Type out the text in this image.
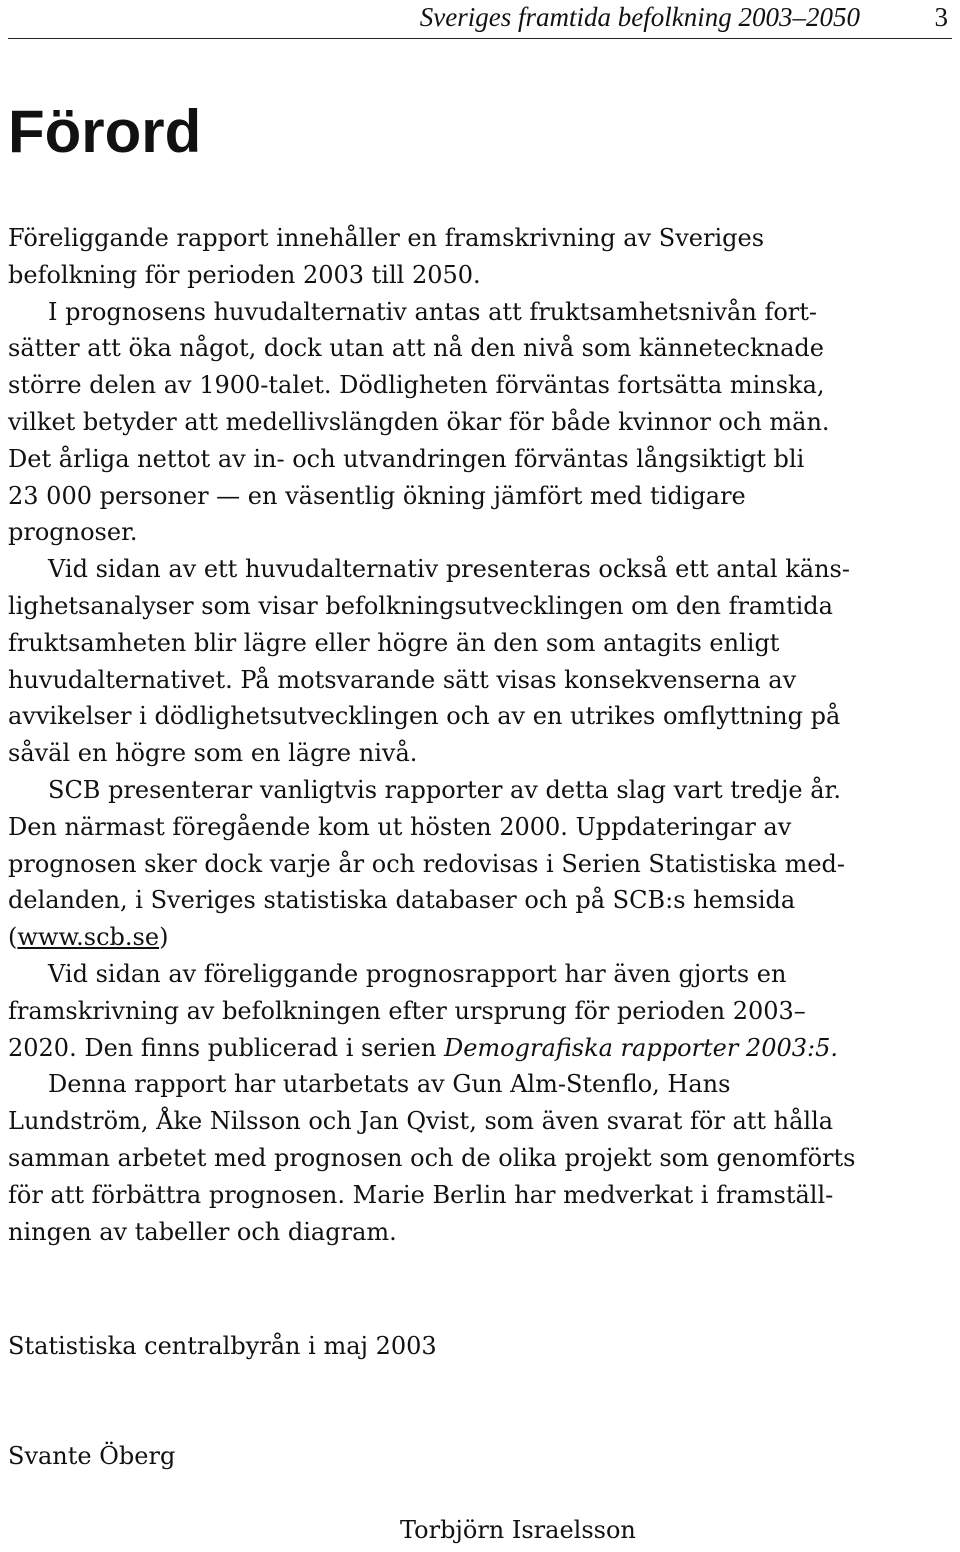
Sveriges framtida befolkning 2003–2050	3
Förord

Föreliggande rapport innehåller en framskrivning av Sveriges

befolkning för perioden 2003 till 2050.

I prognosens huvudalternativ antas att fruktsamhetsnivån fort-

sätter att öka något, dock utan att nå den nivå som kännetecknade

större delen av 1900-talet. Dödligheten förväntas fortsätta minska,

vilket betyder att medellivslängden ökar för både kvinnor och män.

Det årliga nettot av in- och utvandringen förväntas långsiktigt bli

23 000 personer — en väsentlig ökning jämfört med tidigare

prognoser.

Vid sidan av ett huvudalternativ presenteras också ett antal käns-

lighetsanalyser som visar befolkningsutvecklingen om den framtida

fruktsamheten blir lägre eller högre än den som antagits enligt

huvudalternativet. På motsvarande sätt visas konsekvenserna av

avvikelser i dödlighetsutvecklingen och av en utrikes omflyttning på

såväl en högre som en lägre nivå.

SCB presenterar vanligtvis rapporter av detta slag vart tredje år.

Den närmast föregående kom ut hösten 2000. Uppdateringar av

prognosen sker dock varje år och redovisas i Serien Statistiska med-

delanden, i Sveriges statistiska databaser och på SCB:s hemsida

(www.scb.se)

Vid sidan av föreliggande prognosrapport har även gjorts en

framskrivning av befolkningen efter ursprung för perioden 2003–

2020. Den finns publicerad i serien Demografiska rapporter 2003:5.

Denna rapport har utarbetats av Gun Alm-Stenflo, Hans

Lundström, Åke Nilsson och Jan Qvist, som även svarat för att hålla

samman arbetet med prognosen och de olika projekt som genomförts

för att förbättra prognosen. Marie Berlin har medverkat i framställ-

ningen av tabeller och diagram.

Statistiska centralbyrån i maj 2003
Svante Öberg
Torbjörn Israelsson
